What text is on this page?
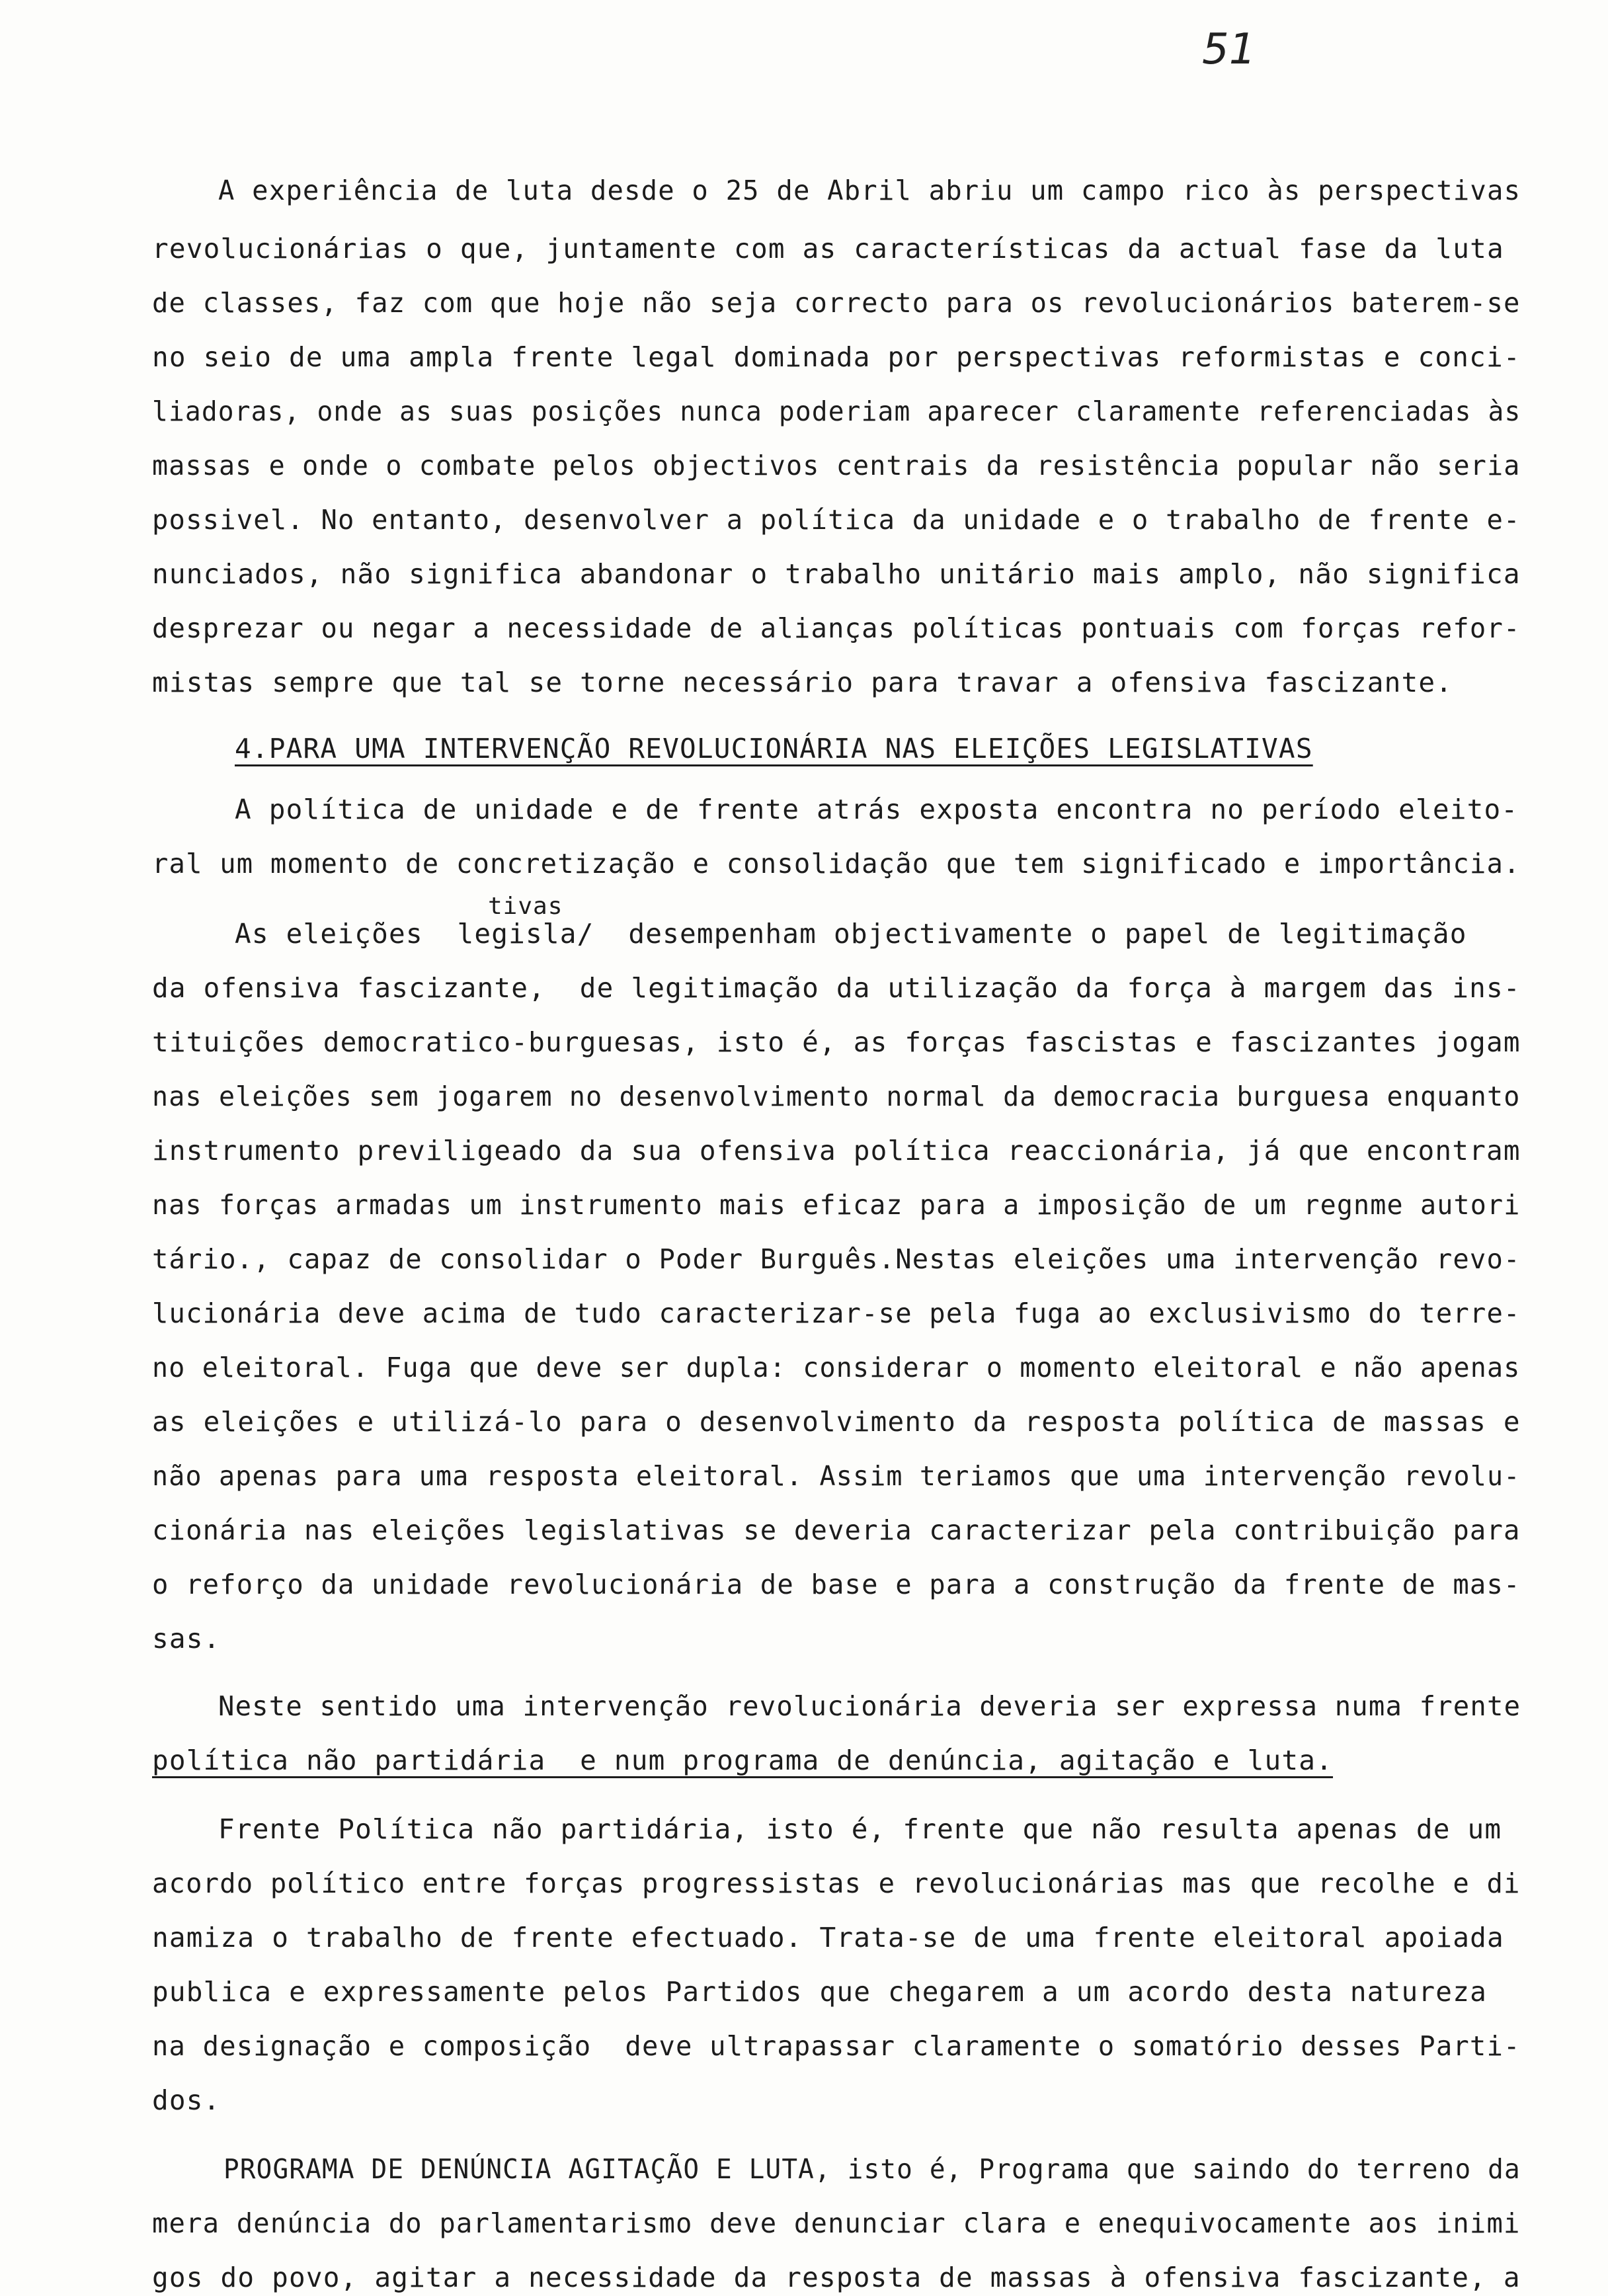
51
A experiência de luta desde o 25 de Abril abriu um campo rico às perspectivas
revolucionárias o que, juntamente com as características da actual fase da luta
de classes, faz com que hoje não seja correcto para os revolucionários baterem-se
no seio de uma ampla frente legal dominada por perspectivas reformistas e conci-
liadoras, onde as suas posições nunca poderiam aparecer claramente referenciadas às
massas e onde o combate pelos objectivos centrais da resistência popular não seria
possivel. No entanto, desenvolver a política da unidade e o trabalho de frente e-
nunciados, não significa abandonar o trabalho unitário mais amplo, não significa
desprezar ou negar a necessidade de alianças políticas pontuais com forças refor-
mistas sempre que tal se torne necessário para travar a ofensiva fascizante.
4.PARA UMA INTERVENÇÃO REVOLUCIONÁRIA NAS ELEIÇÕES LEGISLATIVAS
A política de unidade e de frente atrás exposta encontra no período eleito-
ral um momento de concretização e consolidação que tem significado e importância.
tivas
As eleições  legisla/  desempenham objectivamente o papel de legitimação
da ofensiva fascizante,  de legitimação da utilização da força à margem das ins-
tituições democratico-burguesas, isto é, as forças fascistas e fascizantes jogam
nas eleições sem jogarem no desenvolvimento normal da democracia burguesa enquanto
instrumento previligeado da sua ofensiva política reaccionária, já que encontram
nas forças armadas um instrumento mais eficaz para a imposição de um regnme autori
tário., capaz de consolidar o Poder Burguês.Nestas eleições uma intervenção revo-
lucionária deve acima de tudo caracterizar-se pela fuga ao exclusivismo do terre-
no eleitoral. Fuga que deve ser dupla: considerar o momento eleitoral e não apenas
as eleições e utilizá-lo para o desenvolvimento da resposta política de massas e
não apenas para uma resposta eleitoral. Assim teriamos que uma intervenção revolu-
cionária nas eleições legislativas se deveria caracterizar pela contribuição para
o reforço da unidade revolucionária de base e para a construção da frente de mas-
sas.
Neste sentido uma intervenção revolucionária deveria ser expressa numa frente
política não partidária  e num programa de denúncia, agitação e luta.
Frente Política não partidária, isto é, frente que não resulta apenas de um
acordo político entre forças progressistas e revolucionárias mas que recolhe e di
namiza o trabalho de frente efectuado. Trata-se de uma frente eleitoral apoiada
publica e expressamente pelos Partidos que chegarem a um acordo desta natureza
na designação e composição  deve ultrapassar claramente o somatório desses Parti-
dos.
PROGRAMA DE DENÚNCIA AGITAÇÃO E LUTA, isto é, Programa que saindo do terreno da
mera denúncia do parlamentarismo deve denunciar clara e enequivocamente aos inimi
gos do povo, agitar a necessidade da resposta de massas à ofensiva fascizante, a
